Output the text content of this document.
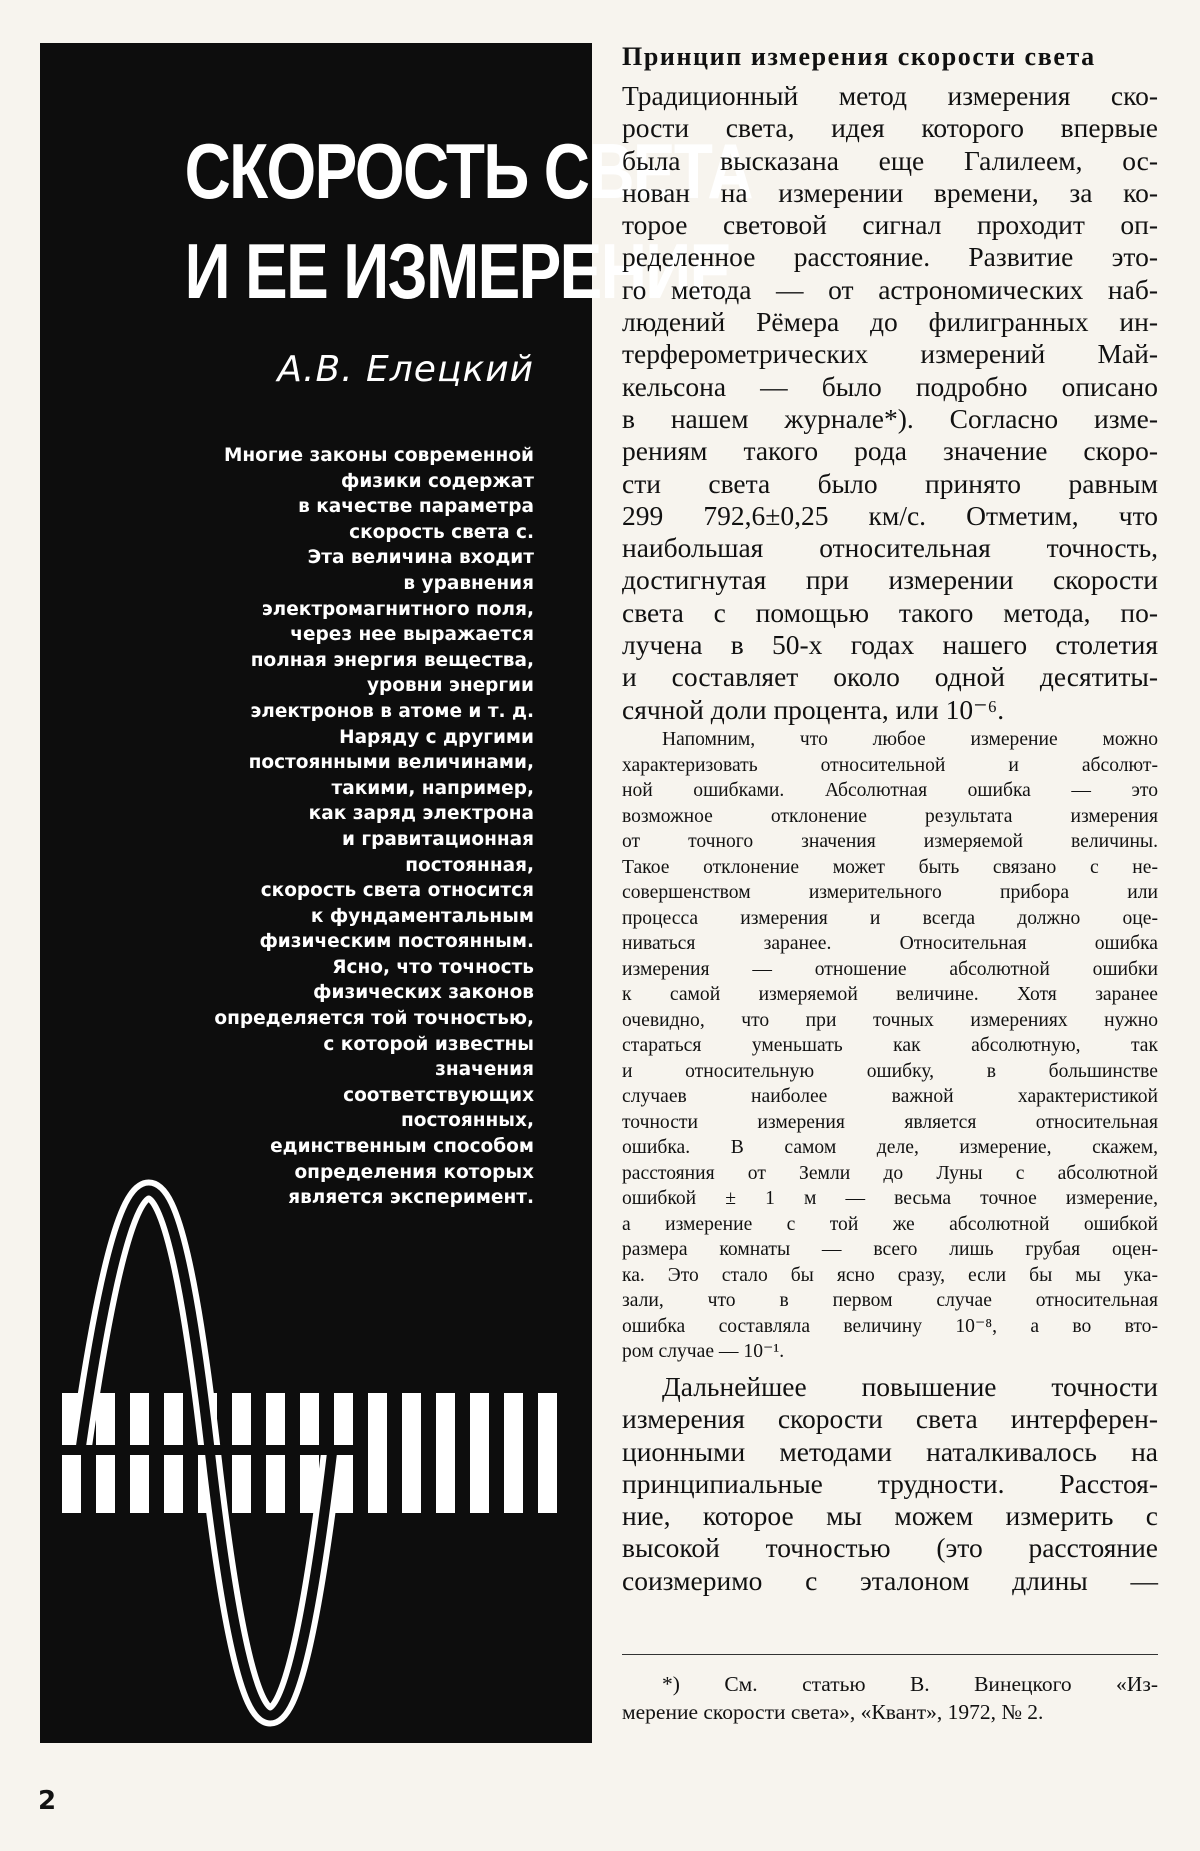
СКОРОСТЬ СВЕТА
И ЕЕ ИЗМЕРЕНИЕ
А.В. Елецкий
Многие законы современной
физики содержат
в качестве параметра
скорость света с.
Эта величина входит
в уравнения
электромагнитного поля,
через нее выражается
полная энергия вещества,
уровни энергии
электронов в атоме и т. д.
Наряду с другими
постоянными величинами,
такими, например,
как заряд электрона
и гравитационная
постоянная,
скорость света относится
к фундаментальным
физическим постоянным.
Ясно, что точность
физических законов
определяется той точностью,
с которой известны
значения
соответствующих
постоянных,
единственным способом
определения которых
является эксперимент.
Принцип измерения скорости света
Традиционный метод измерения ско-
рости света, идея которого впервые
была высказана еще Галилеем, ос-
нован на измерении времени, за ко-
торое световой сигнал проходит оп-
ределенное расстояние. Развитие это-
го метода — от астрономических наб-
людений Рёмера до филигранных ин-
терферометрических измерений Май-
кельсона — было подробно описано
в нашем журнале*). Согласно изме-
рениям такого рода значение скоро-
сти света было принято равным
299 792,6±0,25 км/с. Отметим, что
наибольшая относительная точность,
достигнутая при измерении скорости
света с помощью такого метода, по-
лучена в 50-х годах нашего столетия
и составляет около одной десятиты-
сячной доли процента, или 10⁻⁶.
Напомним, что любое измерение можно
характеризовать относительной и абсолют-
ной ошибками. Абсолютная ошибка — это
возможное отклонение результата измерения
от точного значения измеряемой величины.
Такое отклонение может быть связано с не-
совершенством измерительного прибора или
процесса измерения и всегда должно оце-
ниваться заранее. Относительная ошибка
измерения — отношение абсолютной ошибки
к самой измеряемой величине. Хотя заранее
очевидно, что при точных измерениях нужно
стараться уменьшать как абсолютную, так
и относительную ошибку, в большинстве
случаев наиболее важной характеристикой
точности измерения является относительная
ошибка. В самом деле, измерение, скажем,
расстояния от Земли до Луны с абсолютной
ошибкой ± 1 м — весьма точное измерение,
а измерение с той же абсолютной ошибкой
размера комнаты — всего лишь грубая оцен-
ка. Это стало бы ясно сразу, если бы мы ука-
зали, что в первом случае относительная
ошибка составляла величину 10⁻⁸, а во вто-
ром случае — 10⁻¹.
Дальнейшее повышение точности
измерения скорости света интерферен-
ционными методами наталкивалось на
принципиальные трудности. Расстоя-
ние, которое мы можем измерить с
высокой точностью (это расстояние
соизмеримо с эталоном длины —
*) См. статью В. Винецкого «Из-
мерение скорости света», «Квант», 1972, № 2.
2
